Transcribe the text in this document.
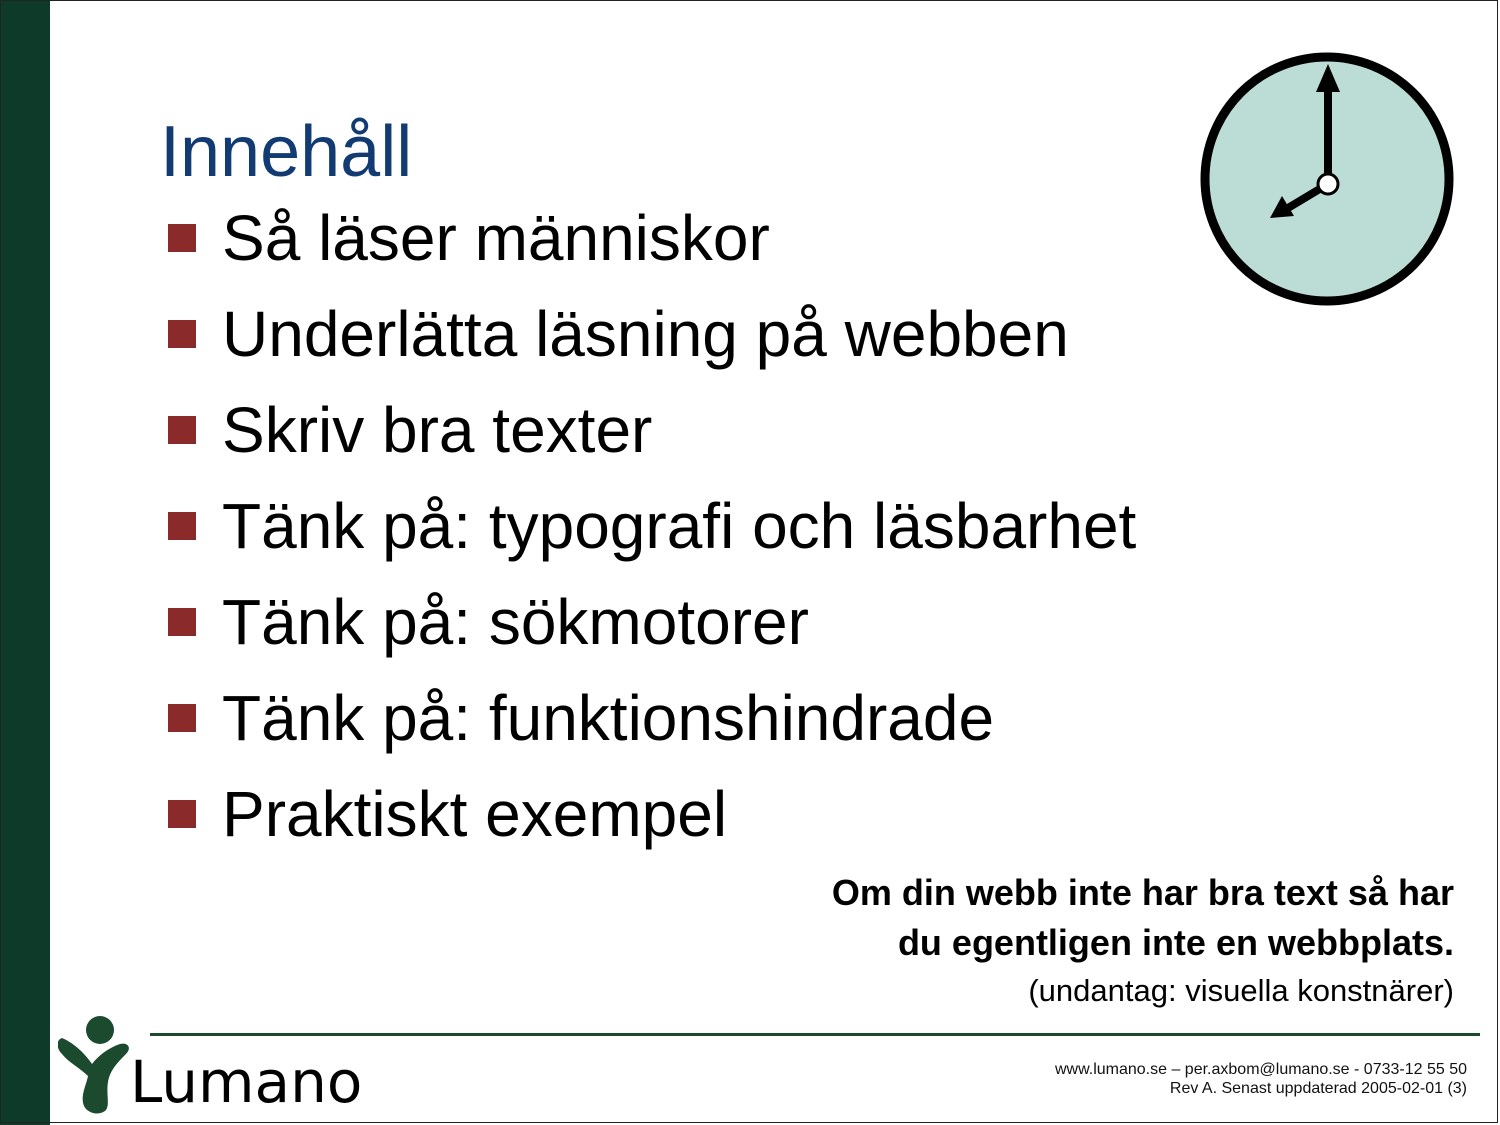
Innehåll
Så läser människor
Underlätta läsning på webben
Skriv bra texter
Tänk på: typografi och läsbarhet
Tänk på: sökmotorer
Tänk på: funktionshindrade
Praktiskt exempel
Om din webb inte har bra text så har
du egentligen inte en webbplats.
(undantag: visuella konstnärer)
Lumano	www.lumano.se – per.axbom@lumano.se - 0733-12 55 50
Rev A. Senast uppdaterad 2005-02-01 (3)
